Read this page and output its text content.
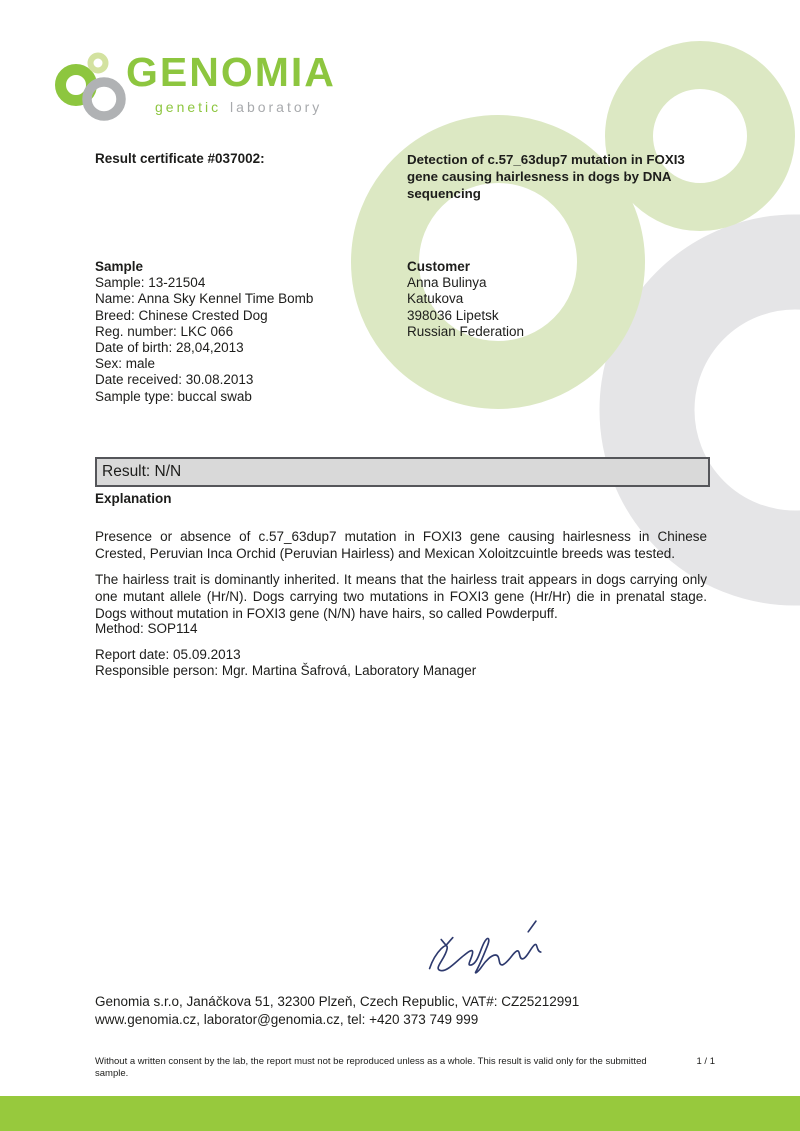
GENOMIA
genetic laboratory
Result certificate #037002:	Detection of c.57_63dup7 mutation in FOXI3 gene causing hairlesness in dogs by DNA sequencing
Sample
Sample: 13-21504
Name: Anna Sky Kennel Time Bomb
Breed: Chinese Crested Dog
Reg. number: LKC 066
Date of birth: 28,04,2013
Sex: male
Date received: 30.08.2013
Sample type: buccal swab
Customer
Anna Bulinya
Katukova
398036 Lipetsk
Russian Federation
Result: N/N
Explanation

Presence or absence of c.57_63dup7 mutation in FOXI3 gene causing hairlesness in Chinese Crested, Peruvian Inca Orchid (Peruvian Hairless) and Mexican Xoloitzcuintle breeds was tested.

The hairless trait is dominantly inherited. It means that the hairless trait appears in dogs carrying only one mutant allele (Hr/N). Dogs carrying two mutations in FOXI3 gene (Hr/Hr) die in prenatal stage. Dogs without mutation in FOXI3 gene (N/N) have hairs, so called Powderpuff.

Method: SOP114
Report date: 05.09.2013
Responsible person: Mgr. Martina Šafrová, Laboratory Manager
Genomia s.r.o, Janáčkova 51, 32300 Plzeň, Czech Republic, VAT#: CZ25212991
www.genomia.cz, laborator@genomia.cz, tel: +420 373 749 999
Without a written consent by the lab, the report must not be reproduced unless as a whole. This result is valid only for the submitted sample.
1 / 1
